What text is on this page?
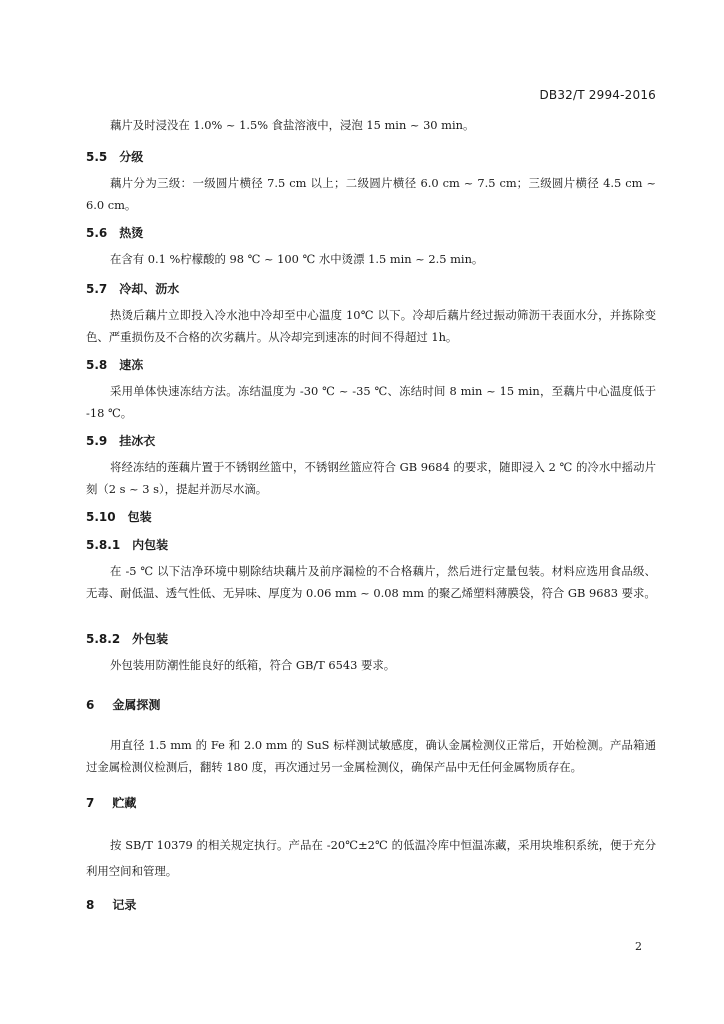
DB32/T 2994-2016
藕片及时浸没在 1.0% ~ 1.5% 食盐溶液中，浸泡 15 min ~ 30 min。
5.5 分级
藕片分为三级：一级圆片横径 7.5 cm 以上；二级圆片横径 6.0 cm ~ 7.5 cm；三级圆片横径 4.5 cm ~ 6.0 cm。
5.6 热烫
在含有 0.1 %柠檬酸的 98 ℃ ~ 100 ℃ 水中烫漂 1.5 min ~ 2.5 min。
5.7 冷却、沥水
热烫后藕片立即投入冷水池中冷却至中心温度 10℃ 以下。冷却后藕片经过振动筛沥干表面水分，并拣除变色、严重损伤及不合格的次劣藕片。从冷却完到速冻的时间不得超过 1h。
5.8 速冻
采用单体快速冻结方法。冻结温度为 -30 ℃ ~ -35 ℃、冻结时间 8 min ~ 15 min，至藕片中心温度低于 -18 ℃。
5.9 挂冰衣
将经冻结的莲藕片置于不锈钢丝篮中，不锈钢丝篮应符合 GB 9684 的要求，随即浸入 2 ℃ 的冷水中摇动片刻（2 s ~ 3 s），提起并沥尽水滴。
5.10 包装
5.8.1 内包装
在 -5 ℃ 以下洁净环境中剔除结块藕片及前序漏检的不合格藕片，然后进行定量包装。材料应选用食品级、无毒、耐低温、透气性低、无异味、厚度为 0.06 mm ~ 0.08 mm 的聚乙烯塑料薄膜袋，符合 GB 9683 要求。
5.8.2 外包装
外包装用防潮性能良好的纸箱，符合 GB/T 6543 要求。
6 金属探测
用直径 1.5 mm 的 Fe 和 2.0 mm 的 SuS 标样测试敏感度，确认金属检测仪正常后，开始检测。产品箱通过金属检测仪检测后，翻转 180 度，再次通过另一金属检测仪，确保产品中无任何金属物质存在。
7 贮藏
按 SB/T 10379 的相关规定执行。产品在 -20℃±2℃ 的低温冷库中恒温冻藏，采用块堆积系统，便于充分利用空间和管理。
8 记录
2
